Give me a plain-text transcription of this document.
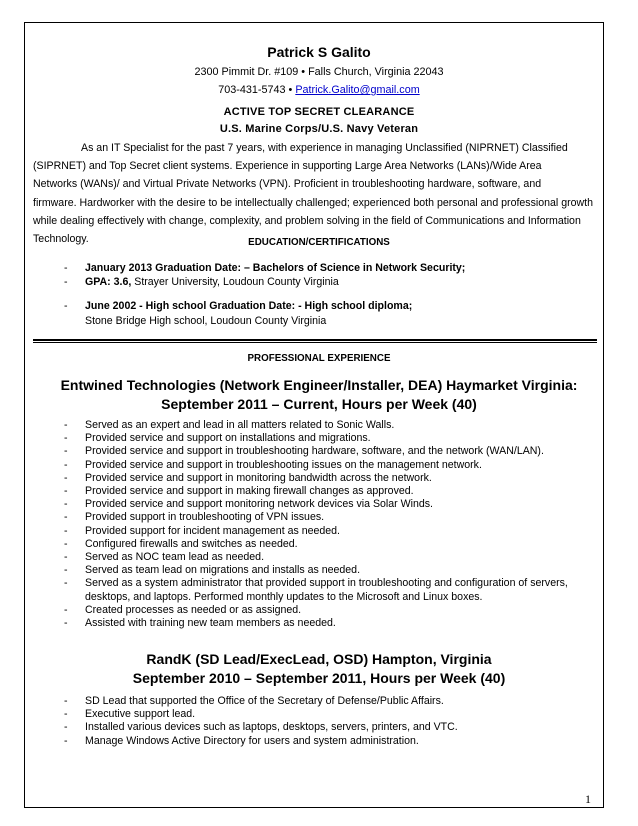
Patrick S Galito
2300 Pimmit Dr. #109 • Falls Church, Virginia 22043
703-431-5743 • Patrick.Galito@gmail.com
ACTIVE TOP SECRET CLEARANCE
U.S. Marine Corps/U.S. Navy Veteran
As an IT Specialist for the past 7 years, with experience in managing Unclassified (NIPRNET) Classified
(SIPRNET) and Top Secret client systems. Experience in supporting Large Area Networks (LANs)/Wide Area
Networks (WANs)/ and Virtual Private Networks (VPN). Proficient in troubleshooting hardware, software, and
firmware. Hardworker with the desire to be intellectually challenged; experienced both personal and professional growth
while dealing effectively with change, complexity, and problem solving in the field of Communications and Information
Technology.	EDUCATION/CERTIFICATIONS
- January 2013 Graduation Date: – Bachelors of Science in Network Security;
- GPA: 3.6, Strayer University, Loudoun County Virginia
- June 2002 - High school Graduation Date: - High school diploma;
Stone Bridge High school, Loudoun County Virginia
PROFESSIONAL EXPERIENCE
Entwined Technologies (Network Engineer/Installer, DEA) Haymarket Virginia:
September 2011 – Current, Hours per Week (40)
- Served as an expert and lead in all matters related to Sonic Walls.
- Provided service and support on installations and migrations.
- Provided service and support in troubleshooting hardware, software, and the network (WAN/LAN).
- Provided service and support in troubleshooting issues on the management network.
- Provided service and support in monitoring bandwidth across the network.
- Provided service and support in making firewall changes as approved.
- Provided service and support monitoring network devices via Solar Winds.
- Provided support in troubleshooting of VPN issues.
- Provided support for incident management as needed.
- Configured firewalls and switches as needed.
- Served as NOC team lead as needed.
- Served as team lead on migrations and installs as needed.
- Served as a system administrator that provided support in troubleshooting and configuration of servers,
desktops, and laptops. Performed monthly updates to the Microsoft and Linux boxes.
- Created processes as needed or as assigned.
- Assisted with training new team members as needed.
RandK (SD Lead/ExecLead, OSD) Hampton, Virginia
September 2010 – September 2011, Hours per Week (40)
- SD Lead that supported the Office of the Secretary of Defense/Public Affairs.
- Executive support lead.
- Installed various devices such as laptops, desktops, servers, printers, and VTC.
- Manage Windows Active Directory for users and system administration.
1
